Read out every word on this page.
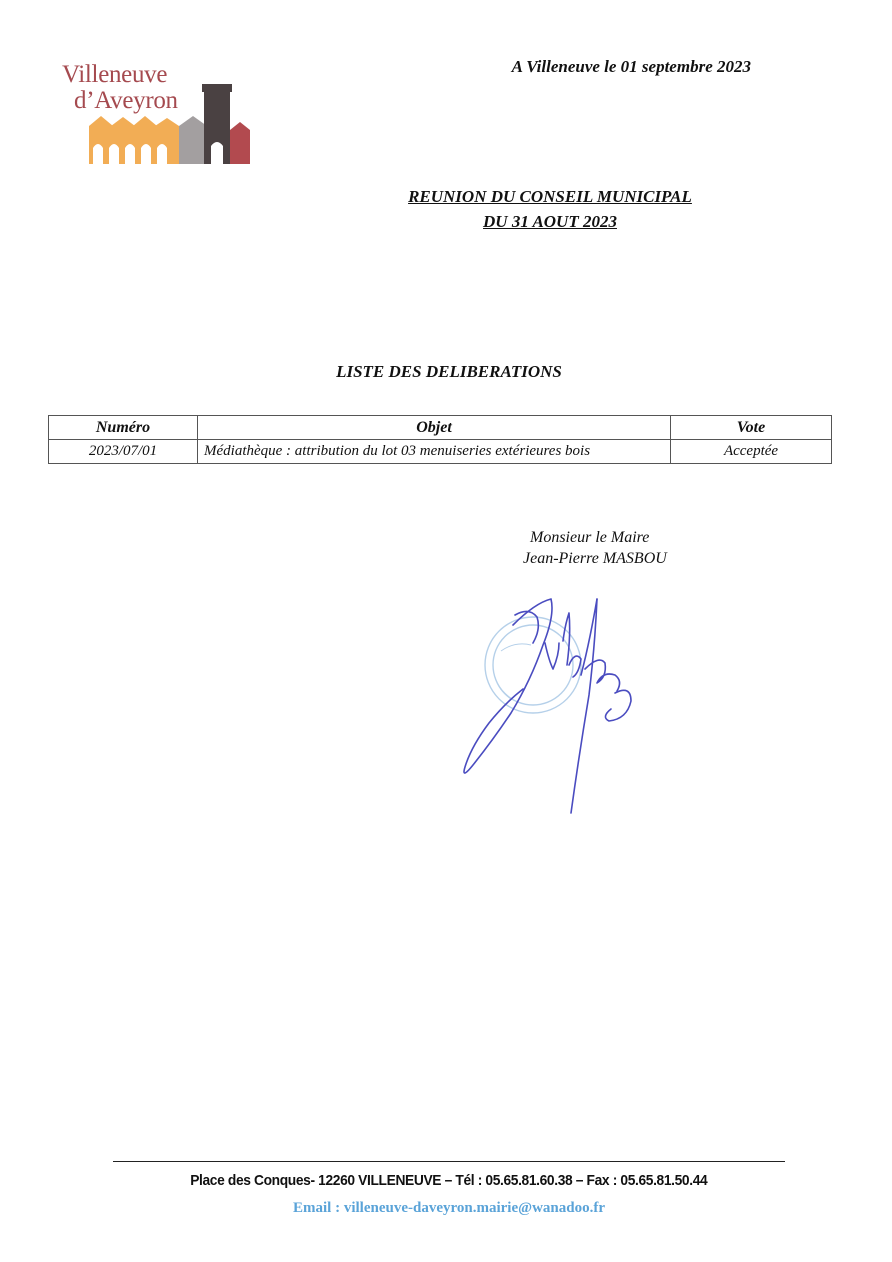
Villeneuve
d’Aveyron
A Villeneuve le 01 septembre 2023
REUNION DU CONSEIL MUNICIPAL
DU 31 AOUT 2023
LISTE DES DELIBERATIONS
Numéro	Objet	Vote
2023/07/01	Médiathèque : attribution du lot 03 menuiseries extérieures bois	Acceptée
Monsieur le Maire
Jean-Pierre MASBOU
Place des Conques- 12260 VILLENEUVE – Tél : 05.65.81.60.38 – Fax : 05.65.81.50.44
Email : villeneuve-daveyron.mairie@wanadoo.fr
